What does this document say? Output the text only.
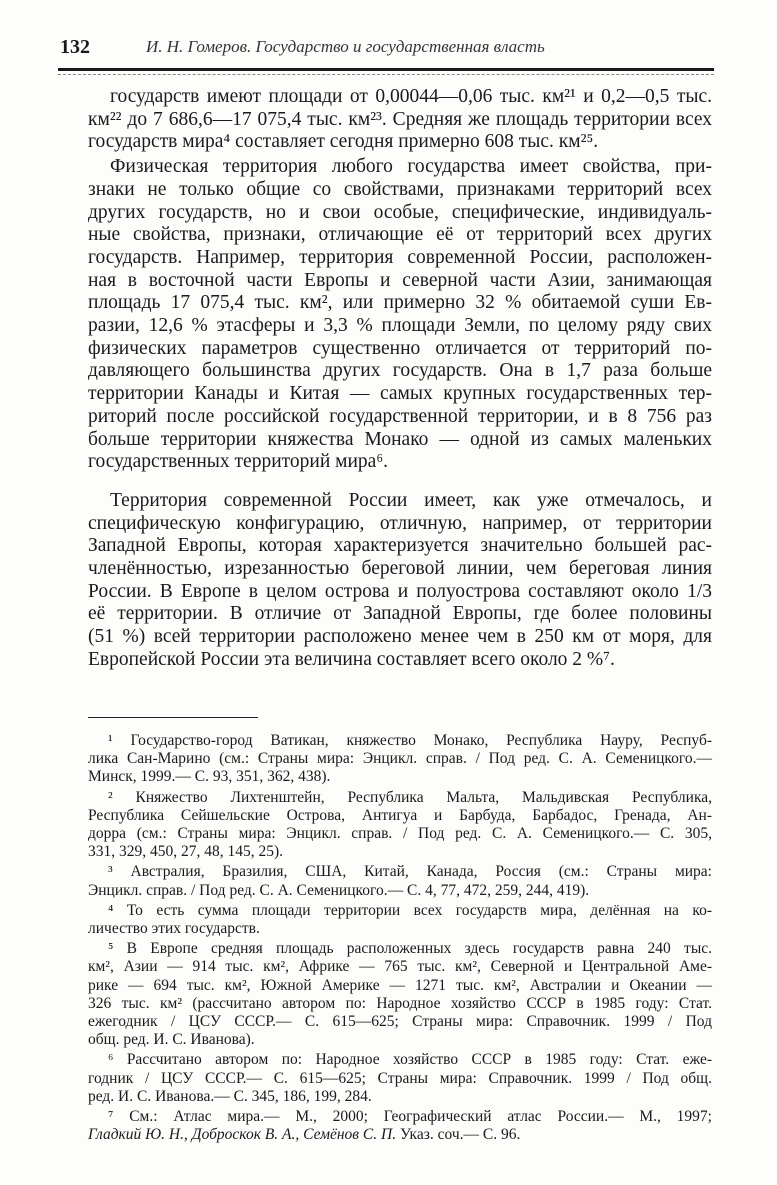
132	И. Н. Гомеров. Государство и государственная власть
государств имеют площади от 0,00044—0,06 тыс. км²¹ и 0,2—0,5 тыс.
км²² до 7 686,6—17 075,4 тыс. км²³. Средняя же площадь территории всех
государств мира⁴ составляет сегодня примерно 608 тыс. км²⁵.
Физическая территория любого государства имеет свойства, при-
знаки не только общие со свойствами, признаками территорий всех
других государств, но и свои особые, специфические, индивидуаль-
ные свойства, признаки, отличающие её от территорий всех других
государств. Например, территория современной России, расположен-
ная в восточной части Европы и северной части Азии, занимающая
площадь 17 075,4 тыс. км², или примерно 32 % обитаемой суши Ев-
разии, 12,6 % этасферы и 3,3 % площади Земли, по целому ряду свих
физических параметров существенно отличается от территорий по-
давляющего большинства других государств. Она в 1,7 раза больше
территории Канады и Китая — самых крупных государственных тер-
риторий после российской государственной территории, и в 8 756 раз
больше территории княжества Монако — одной из самых маленьких
государственных территорий мира⁶.
Территория современной России имеет, как уже отмечалось, и
специфическую конфигурацию, отличную, например, от территории
Западной Европы, которая характеризуется значительно большей рас-
членённостью, изрезанностью береговой линии, чем береговая линия
России. В Европе в целом острова и полуострова составляют около 1/3
её территории. В отличие от Западной Европы, где более половины
(51 %) всей территории расположено менее чем в 250 км от моря, для
Европейской России эта величина составляет всего около 2 %⁷.
¹ Государство-город Ватикан, княжество Монако, Республика Науру, Респуб-
лика Сан-Марино (см.: Страны мира: Энцикл. справ. / Под ред. С. А. Семеницкого.—
Минск, 1999.— С. 93, 351, 362, 438).
² Княжество Лихтенштейн, Республика Мальта, Мальдивская Республика,
Республика Сейшельские Острова, Антигуа и Барбуда, Барбадос, Гренада, Ан-
дорра (см.: Страны мира: Энцикл. справ. / Под ред. С. А. Семеницкого.— С. 305,
331, 329, 450, 27, 48, 145, 25).
³ Австралия, Бразилия, США, Китай, Канада, Россия (см.: Страны мира:
Энцикл. справ. / Под ред. С. А. Семеницкого.— С. 4, 77, 472, 259, 244, 419).
⁴ То есть сумма площади территории всех государств мира, делённая на ко-
личество этих государств.
⁵ В Европе средняя площадь расположенных здесь государств равна 240 тыс.
км², Азии — 914 тыс. км², Африке — 765 тыс. км², Северной и Центральной Аме-
рике — 694 тыс. км², Южной Америке — 1271 тыс. км², Австралии и Океании —
326 тыс. км² (рассчитано автором по: Народное хозяйство СССР в 1985 году: Стат.
ежегодник / ЦСУ СССР.— С. 615—625; Страны мира: Справочник. 1999 / Под
общ. ред. И. С. Иванова).
⁶ Рассчитано автором по: Народное хозяйство СССР в 1985 году: Стат. еже-
годник / ЦСУ СССР.— С. 615—625; Страны мира: Справочник. 1999 / Под общ.
ред. И. С. Иванова.— С. 345, 186, 199, 284.
⁷ См.: Атлас мира.— М., 2000; Географический атлас России.— М., 1997;
Гладкий Ю. Н., Доброскок В. А., Семёнов С. П. Указ. соч.— С. 96.
